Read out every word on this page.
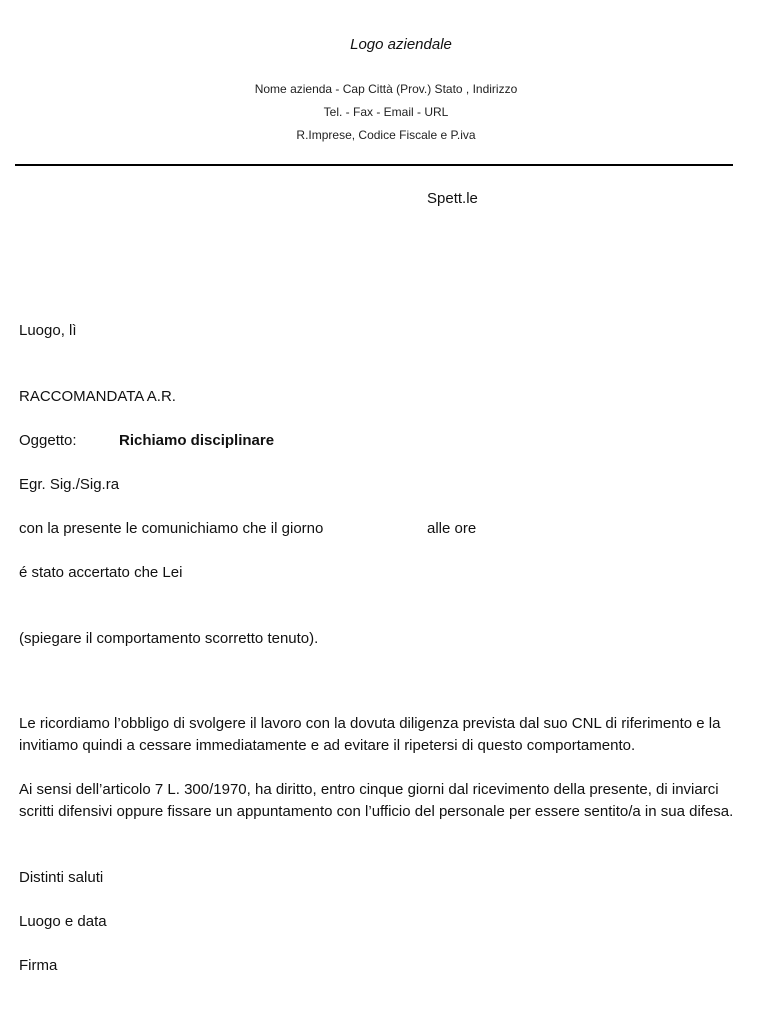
Logo aziendale
Nome azienda - Cap Città (Prov.) Stato , Indirizzo
Tel. - Fax - Email - URL
R.Imprese, Codice Fiscale e P.iva
Spett.le
Luogo, lì
RACCOMANDATA A.R.
Oggetto:	Richiamo disciplinare
Egr. Sig./Sig.ra
con la presente le comunichiamo che il giorno	alle ore
é stato accertato che Lei
(spiegare il comportamento scorretto tenuto).
Le ricordiamo l’obbligo di svolgere il lavoro con la dovuta diligenza prevista dal suo CNL di riferimento e la invitiamo quindi a cessare immediatamente e ad evitare il ripetersi di questo comportamento.
Ai sensi dell’articolo 7 L. 300/1970, ha diritto, entro cinque giorni dal ricevimento della presente, di inviarci scritti difensivi oppure fissare un appuntamento con l’ufficio del personale per essere sentito/a in sua difesa.
Distinti saluti
Luogo e data
Firma
